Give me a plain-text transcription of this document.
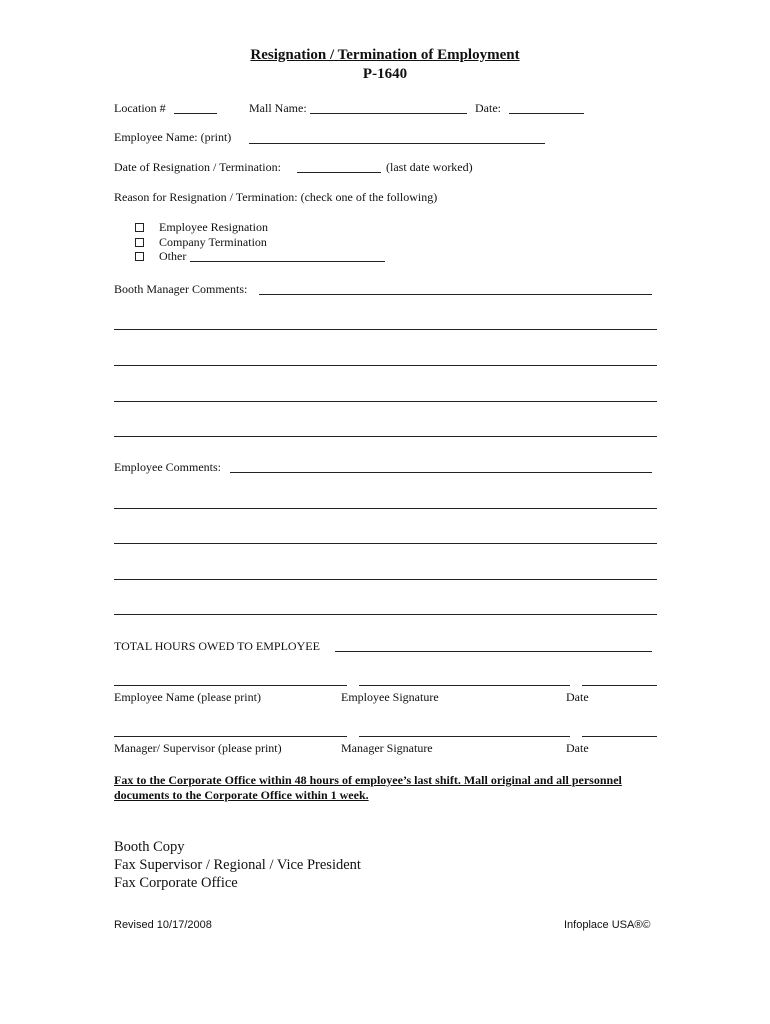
Resignation / Termination of Employment
P-1640
Location #	Mall Name:	Date:
Employee Name: (print)
Date of Resignation / Termination:	(last date worked)
Reason for Resignation / Termination: (check one of the following)
Employee Resignation
Company Termination
Other
Booth Manager Comments:
Employee Comments:
TOTAL HOURS OWED TO EMPLOYEE
Employee Name (please print)	Employee Signature	Date
Manager/ Supervisor (please print)	Manager Signature	Date
Fax to the Corporate Office within 48 hours of employee’s last shift. Mall original and all personnel documents to the Corporate Office within 1 week.
Booth Copy
Fax Supervisor / Regional / Vice President
Fax Corporate Office
Revised 10/17/2008	Infoplace USA®©
